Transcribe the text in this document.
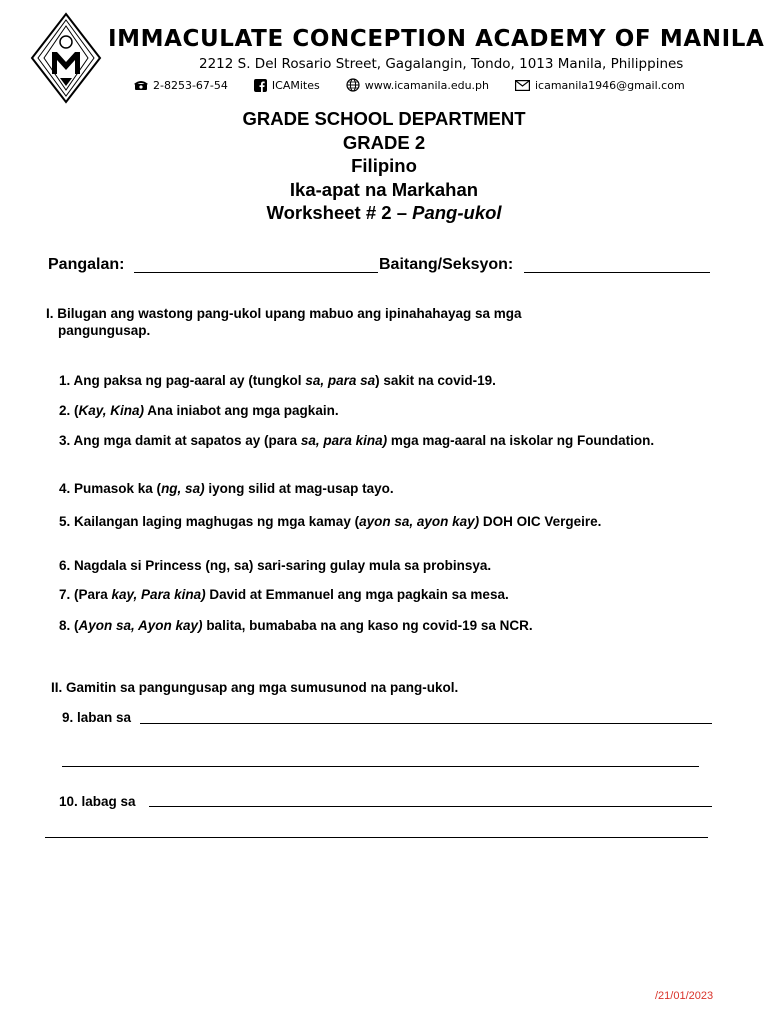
IMMACULATE CONCEPTION ACADEMY OF MANILA
2212 S. Del Rosario Street, Gagalangin, Tondo, 1013 Manila, Philippines
2-8253-67-54	ICAMites	www.icamanila.edu.ph	icamanila1946@gmail.com
GRADE SCHOOL DEPARTMENT
GRADE 2
Filipino
Ika-apat na Markahan
Worksheet # 2 – Pang-ukol
Pangalan:	Baitang/Seksyon:
I. Bilugan ang wastong pang-ukol upang mabuo ang ipinahahayag sa mga pangungusap.
1. Ang paksa ng pag-aaral ay (tungkol sa, para sa) sakit na covid-19.
2. (Kay, Kina) Ana iniabot ang mga pagkain.
3. Ang mga damit at sapatos ay (para sa, para kina) mga mag-aaral na iskolar ng Foundation.
4. Pumasok ka (ng, sa) iyong silid at mag-usap tayo.
5. Kailangan laging maghugas ng mga kamay (ayon sa, ayon kay) DOH OIC Vergeire.
6. Nagdala si Princess (ng, sa) sari-saring gulay mula sa probinsya.
7. (Para kay, Para kina) David at Emmanuel ang mga pagkain sa mesa.
8. (Ayon sa, Ayon kay) balita, bumababa na ang kaso ng covid-19 sa NCR.
II. Gamitin sa pangungusap ang mga sumusunod na pang-ukol.
9. laban sa
10. labag sa
/21/01/2023
